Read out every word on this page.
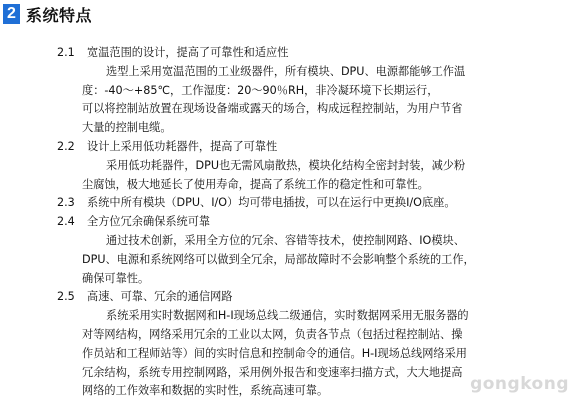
2 系统特点
2.1 宽温范围的设计，提高了可靠性和适应性
选型上采用宽温范围的工业级器件，所有模块、DPU、电源都能够工作温
度：-40～+85℃，工作湿度：20～90％RH，非冷凝环境下长期运行，
可以将控制站放置在现场设备端或露天的场合，构成远程控制站，为用户节省
大量的控制电缆。
2.2 设计上采用低功耗器件，提高了可靠性
采用低功耗器件，DPU也无需风扇散热，模块化结构全密封封装，减少粉
尘腐蚀，极大地延长了使用寿命，提高了系统工作的稳定性和可靠性。
2.3 系统中所有模块（DPU、I/O）均可带电插拔，可以在运行中更换I/O底座。
2.4 全方位冗余确保系统可靠
通过技术创新，采用全方位的冗余、容错等技术，使控制网路、IO模块、
DPU、电源和系统网络可以做到全冗余，局部故障时不会影响整个系统的工作，
确保可靠性。
2.5 高速、可靠、冗余的通信网路
系统采用实时数据网和H-I现场总线二级通信，实时数据网采用无服务器的
对等网结构，网络采用冗余的工业以太网，负责各节点（包括过程控制站、操
作员站和工程师站等）间的实时信息和控制命令的通信。H-I现场总线网络采用
冗余结构，系统专用控制网路，采用例外报告和变速率扫描方式，大大地提高
网络的工作效率和数据的实时性，系统高速可靠。	gongkong
